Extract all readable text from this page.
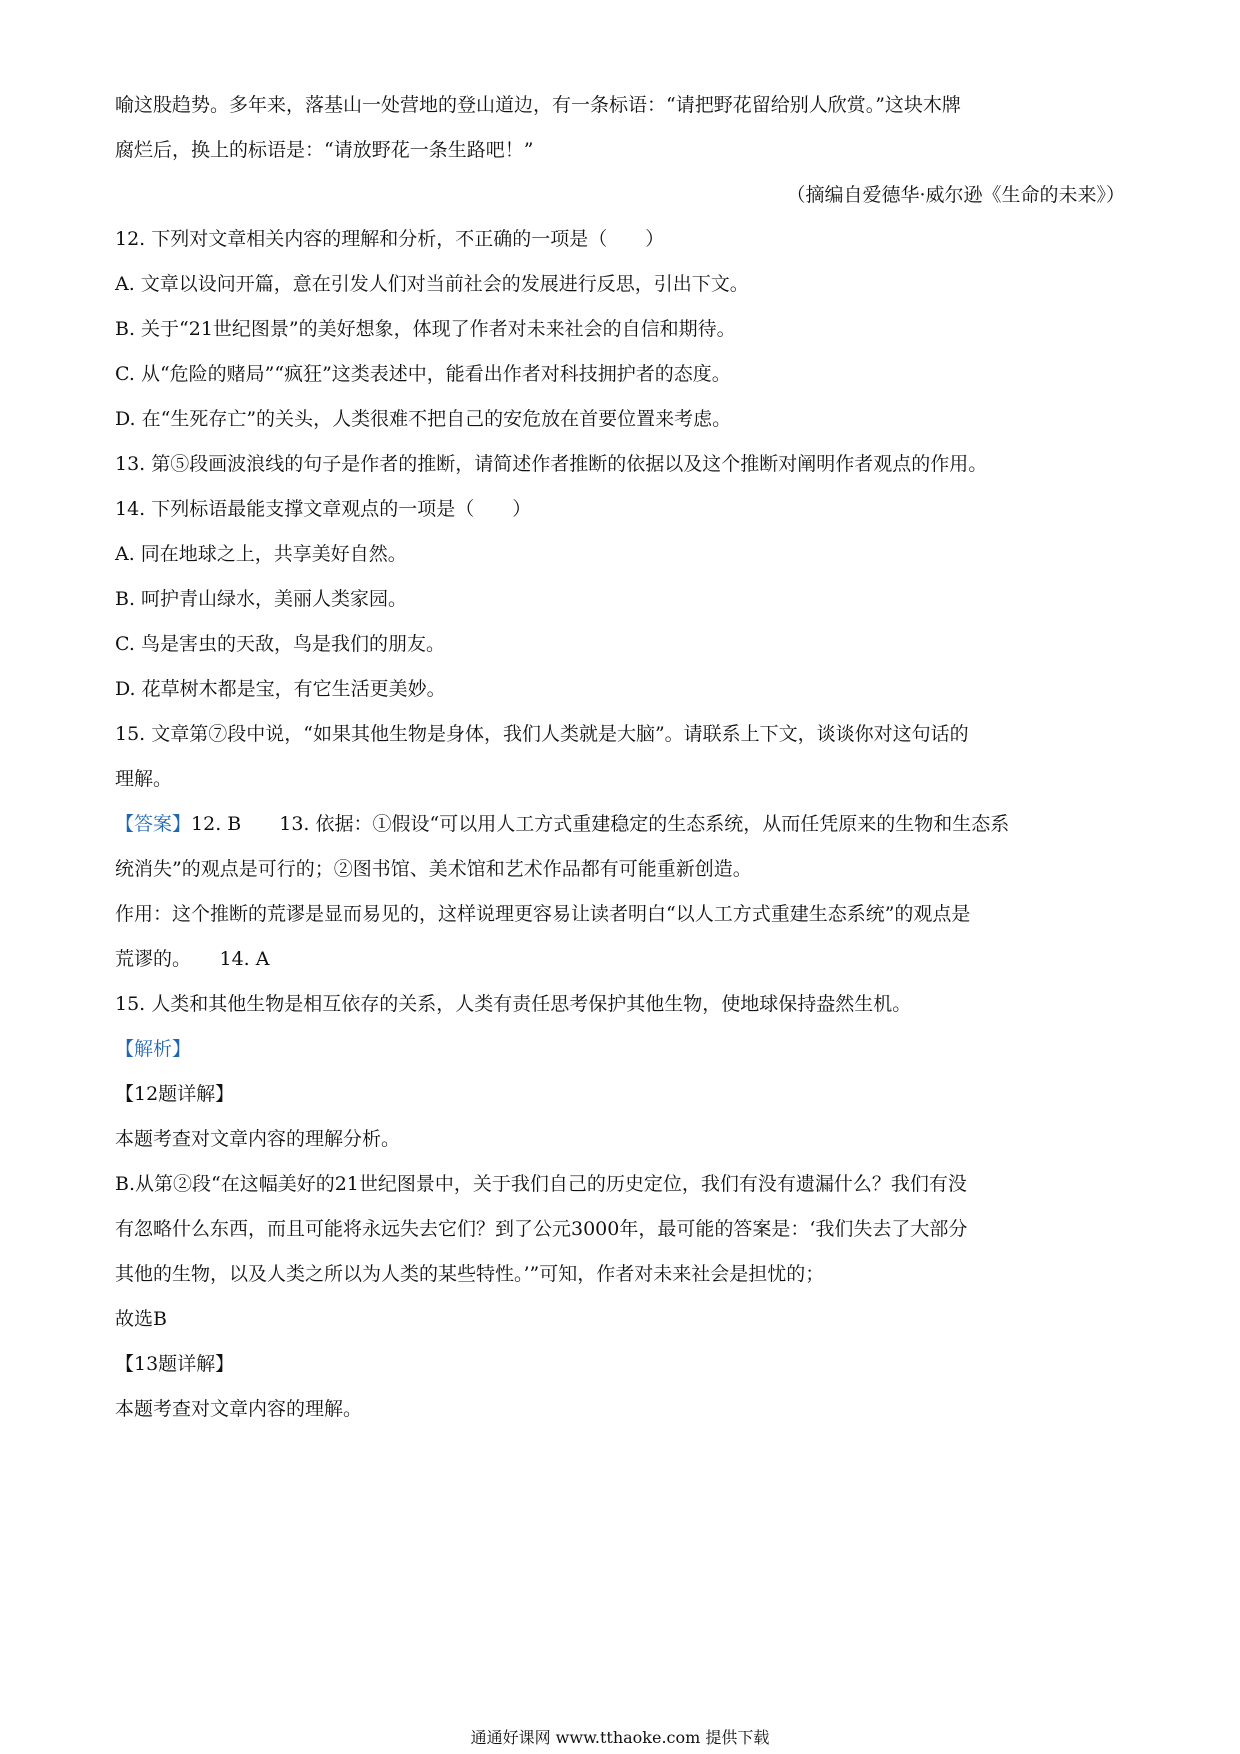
喻这股趋势。多年来，落基山一处营地的登山道边，有一条标语：“请把野花留给别人欣赏。”这块木牌
腐烂后，换上的标语是：“请放野花一条生路吧！”
（摘编自爱德华·威尔逊《生命的未来》）
12. 下列对文章相关内容的理解和分析，不正确的一项是（　　）
A. 文章以设问开篇，意在引发人们对当前社会的发展进行反思，引出下文。
B. 关于“21世纪图景”的美好想象，体现了作者对未来社会的自信和期待。
C. 从“危险的赌局”“疯狂”这类表述中，能看出作者对科技拥护者的态度。
D. 在“生死存亡”的关头，人类很难不把自己的安危放在首要位置来考虑。
13. 第⑤段画波浪线的句子是作者的推断，请简述作者推断的依据以及这个推断对阐明作者观点的作用。
14. 下列标语最能支撑文章观点的一项是（　　）
A. 同在地球之上，共享美好自然。
B. 呵护青山绿水，美丽人类家园。
C. 鸟是害虫的天敌，鸟是我们的朋友。
D. 花草树木都是宝，有它生活更美妙。
15. 文章第⑦段中说，“如果其他生物是身体，我们人类就是大脑”。请联系上下文，谈谈你对这句话的
理解。
【答案】12. B　　13. 依据：①假设“可以用人工方式重建稳定的生态系统，从而任凭原来的生物和生态系
统消失”的观点是可行的；②图书馆、美术馆和艺术作品都有可能重新创造。
作用：这个推断的荒谬是显而易见的，这样说理更容易让读者明白“以人工方式重建生态系统”的观点是
荒谬的。　　14. A
15. 人类和其他生物是相互依存的关系，人类有责任思考保护其他生物，使地球保持盎然生机。
【解析】
【12题详解】
本题考查对文章内容的理解分析。
B.从第②段“在这幅美好的21世纪图景中，关于我们自己的历史定位，我们有没有遗漏什么？我们有没
有忽略什么东西，而且可能将永远失去它们？到了公元3000年，最可能的答案是：‘我们失去了大部分
其他的生物，以及人类之所以为人类的某些特性。’”可知，作者对未来社会是担忧的；
故选B
【13题详解】
本题考查对文章内容的理解。
通通好课网 www.tthaoke.com 提供下载
